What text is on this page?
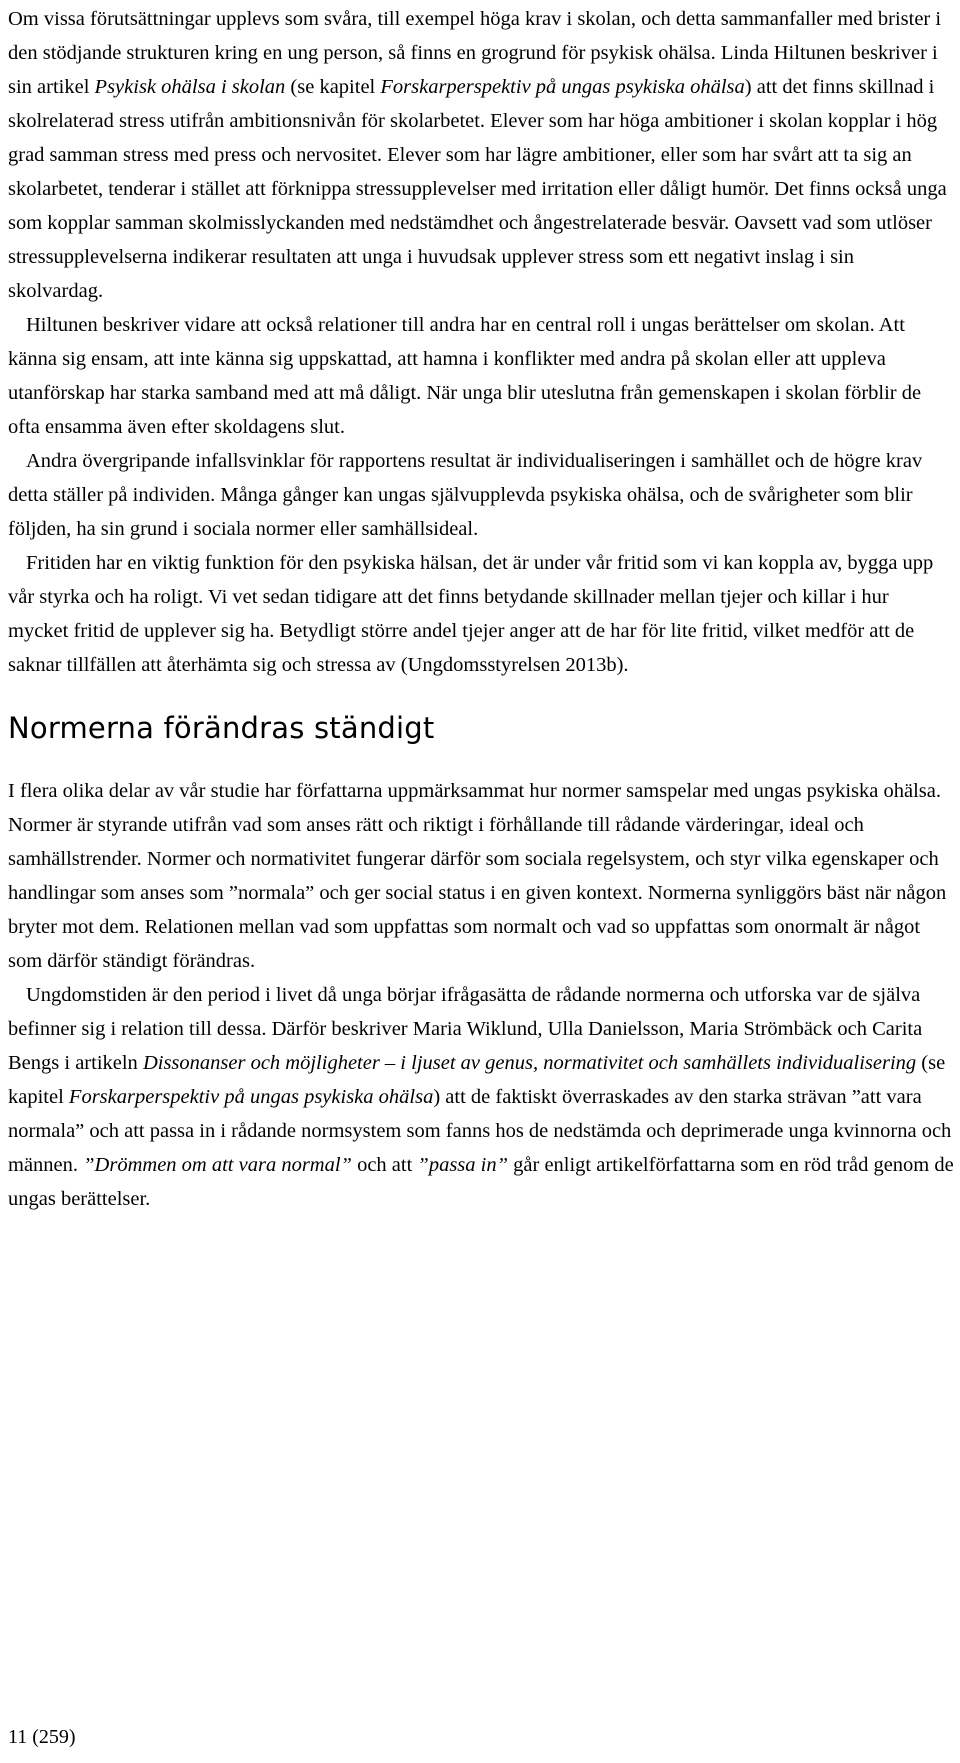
Om vissa förutsättningar upplevs som svåra, till exempel höga krav i skolan, och detta sammanfaller med brister i den stödjande strukturen kring en ung person, så finns en grogrund för psykisk ohälsa. Linda Hiltunen beskriver i sin artikel Psykisk ohälsa i skolan (se kapitel Forskarperspektiv på ungas psykiska ohälsa) att det finns skillnad i skolrelaterad stress utifrån ambitionsnivån för skolarbetet. Elever som har höga ambitioner i skolan kopplar i hög grad samman stress med press och nervositet. Elever som har lägre ambitioner, eller som har svårt att ta sig an skolarbetet, tenderar i stället att förknippa stressupplevelser med irritation eller dåligt humör. Det finns också unga som kopplar samman skolmisslyckanden med nedstämdhet och ångestrelaterade besvär. Oavsett vad som utlöser stressupplevelserna indikerar resultaten att unga i huvudsak upplever stress som ett negativt inslag i sin skolvardag.

Hiltunen beskriver vidare att också relationer till andra har en central roll i ungas berättelser om skolan. Att känna sig ensam, att inte känna sig uppskattad, att hamna i konflikter med andra på skolan eller att uppleva utanförskap har starka samband med att må dåligt. När unga blir uteslutna från gemenskapen i skolan förblir de ofta ensamma även efter skoldagens slut.

Andra övergripande infallsvinklar för rapportens resultat är individualiseringen i samhället och de högre krav detta ställer på individen. Många gånger kan ungas självupplevda psykiska ohälsa, och de svårigheter som blir följden, ha sin grund i sociala normer eller samhällsideal.

Fritiden har en viktig funktion för den psykiska hälsan, det är under vår fritid som vi kan koppla av, bygga upp vår styrka och ha roligt. Vi vet sedan tidigare att det finns betydande skillnader mellan tjejer och killar i hur mycket fritid de upplever sig ha. Betydligt större andel tjejer anger att de har för lite fritid, vilket medför att de saknar tillfällen att återhämta sig och stressa av (Ungdomsstyrelsen 2013b).

Normerna förändras ständigt

I flera olika delar av vår studie har författarna uppmärksammat hur normer samspelar med ungas psykiska ohälsa. Normer är styrande utifrån vad som anses rätt och riktigt i förhållande till rådande värderingar, ideal och samhällstrender. Normer och normativitet fungerar därför som sociala regelsystem, och styr vilka egenskaper och handlingar som anses som ”normala” och ger social status i en given kontext. Normerna synliggörs bäst när någon bryter mot dem. Relationen mellan vad som uppfattas som normalt och vad so uppfattas som onormalt är något som därför ständigt förändras.

Ungdomstiden är den period i livet då unga börjar ifrågasätta de rådande normerna och utforska var de själva befinner sig i relation till dessa. Därför beskriver Maria Wiklund, Ulla Danielsson, Maria Strömbäck och Carita Bengs i artikeln Dissonanser och möjligheter – i ljuset av genus, normativitet och samhällets individualisering (se kapitel Forskarperspektiv på ungas psykiska ohälsa) att de faktiskt överraskades av den starka strävan ”att vara normala” och att passa in i rådande normsystem som fanns hos de nedstämda och deprimerade unga kvinnorna och männen. ”Drömmen om att vara normal” och att ”passa in” går enligt artikelförfattarna som en röd tråd genom de ungas berättelser.

11 (259)
